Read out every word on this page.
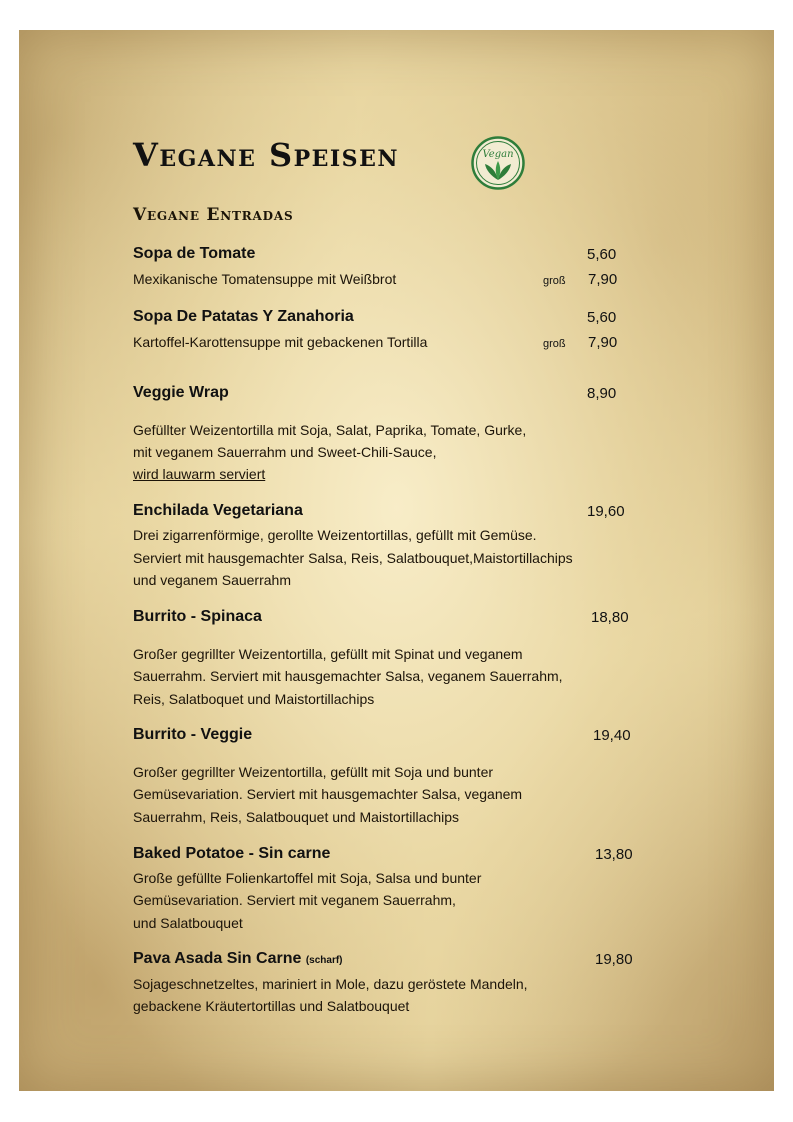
Vegane Speisen	Vegan
Vegane Entradas
Sopa de Tomate	5,60
Mexikanische Tomatensuppe mit Weißbrot	groß 7,90
Sopa De Patatas Y Zanahoria	5,60
Kartoffel-Karottensuppe mit gebackenen Tortilla	groß 7,90
Veggie Wrap	8,90
Gefüllter Weizentortilla mit Soja, Salat, Paprika, Tomate, Gurke,
mit veganem Sauerrahm und Sweet-Chili-Sauce,
wird lauwarm serviert
Enchilada Vegetariana	19,60
Drei zigarrenförmige, gerollte Weizentortillas, gefüllt mit Gemüse.
Serviert mit hausgemachter Salsa, Reis, Salatbouquet,Maistortillachips
und veganem Sauerrahm
Burrito - Spinaca	18,80
Großer gegrillter Weizentortilla, gefüllt mit Spinat und veganem
Sauerrahm. Serviert mit hausgemachter Salsa, veganem Sauerrahm,
Reis, Salatboquet und Maistortillachips
Burrito - Veggie	19,40
Großer gegrillter Weizentortilla, gefüllt mit Soja und bunter
Gemüsevariation. Serviert mit hausgemachter Salsa, veganem
Sauerrahm, Reis, Salatbouquet und Maistortillachips
Baked Potatoe - Sin carne	13,80
Große gefüllte Folienkartoffel mit Soja, Salsa und bunter
Gemüsevariation. Serviert mit veganem Sauerrahm,
und Salatbouquet
Pava Asada Sin Carne (scharf)	19,80
Sojageschnetzeltes, mariniert in Mole, dazu geröstete Mandeln,
gebackene Kräutertortillas und Salatbouquet
